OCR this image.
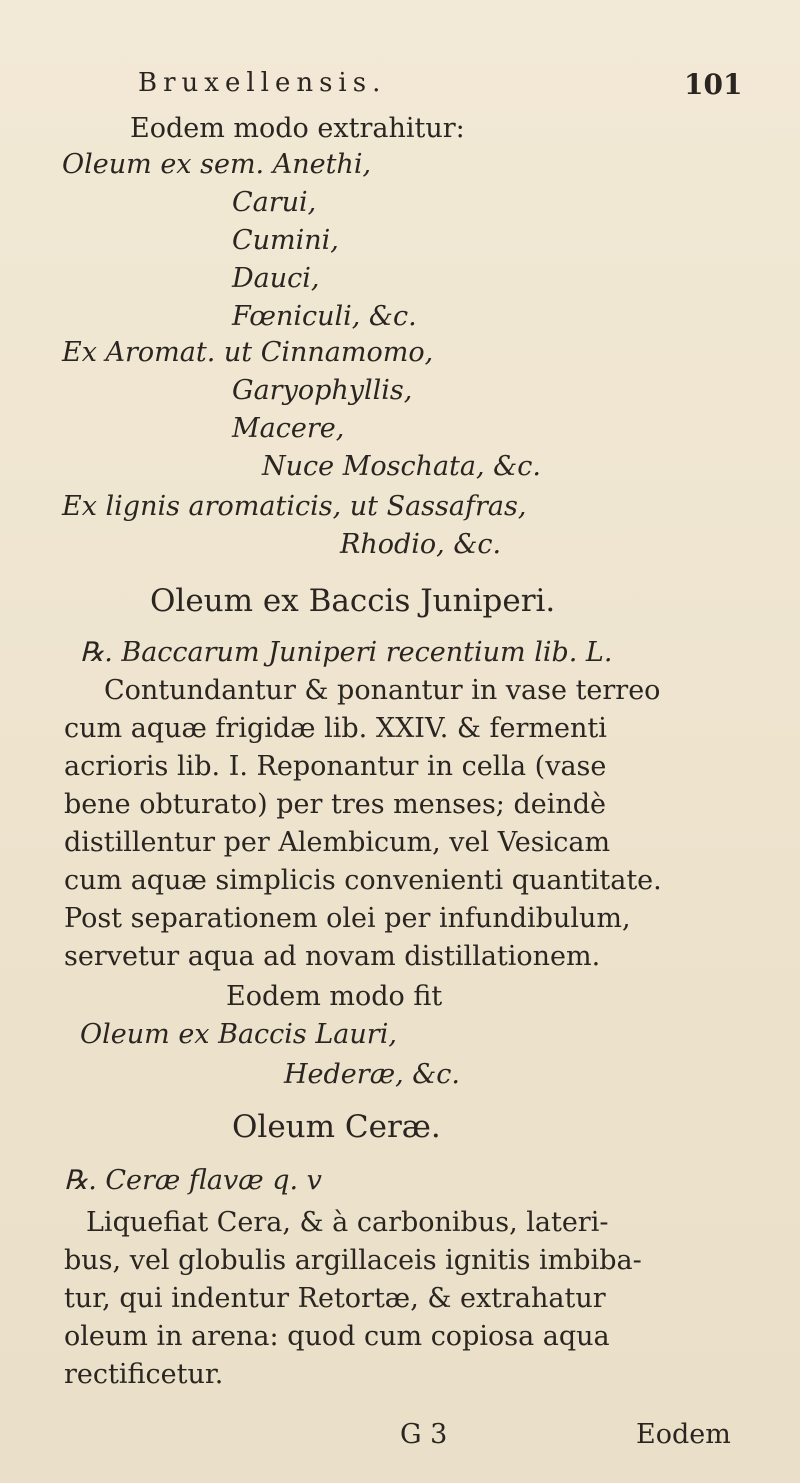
Bruxellensis.	101
Eodem modo extrahitur:
Oleum ex sem. Anethi,
Carui,
Cumini,
Dauci,
Fœniculi, &c.
Ex Aromat. ut Cinnamomo,
Garyophyllis,
Macere,
Nuce Moschata, &c.
Ex lignis aromaticis, ut Sassafras,
Rhodio, &c.
Oleum ex Baccis Juniperi.
℞. Baccarum Juniperi recentium lib. L.
Contundantur & ponantur in vase terreo
cum aquæ frigidæ lib. XXIV. & fermenti
acrioris lib. I. Reponantur in cella (vase
bene obturato) per tres menses; deindè
distillentur per Alembicum, vel Vesicam
cum aquæ simplicis convenienti quantitate.
Post separationem olei per infundibulum,
servetur aqua ad novam distillationem.
Eodem modo fit
Oleum ex Baccis Lauri,
Hederæ, &c.
Oleum Ceræ.
℞. Ceræ flavæ q. v
Liquefiat Cera, & à carbonibus, lateri-
bus, vel globulis argillaceis ignitis imbiba-
tur, qui indentur Retortæ, & extrahatur
oleum in arena: quod cum copiosa aqua
rectificetur.
G 3	Eodem
